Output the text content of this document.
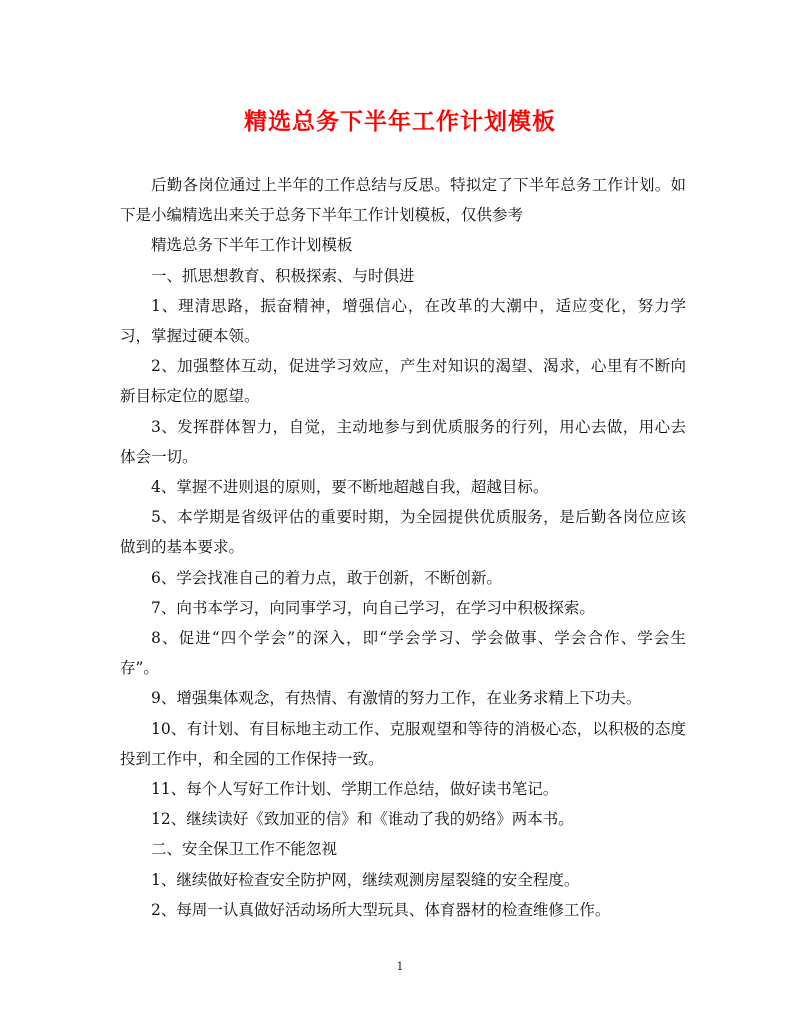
精选总务下半年工作计划模板

后勤各岗位通过上半年的工作总结与反思。特拟定了下半年总务工作计划。如下是小编精选出来关于总务下半年工作计划模板，仅供参考

精选总务下半年工作计划模板

一、抓思想教育、积极探索、与时俱进

1、理清思路，振奋精神，增强信心，在改革的大潮中，适应变化，努力学习，掌握过硬本领。

2、加强整体互动，促进学习效应，产生对知识的渴望、渴求，心里有不断向新目标定位的愿望。

3、发挥群体智力，自觉，主动地参与到优质服务的行列，用心去做，用心去体会一切。

4、掌握不进则退的原则，要不断地超越自我，超越目标。

5、本学期是省级评估的重要时期，为全园提供优质服务，是后勤各岗位应该做到的基本要求。

6、学会找准自己的着力点，敢于创新，不断创新。

7、向书本学习，向同事学习，向自己学习，在学习中积极探索。

8、促进“四个学会”的深入，即“学会学习、学会做事、学会合作、学会生存”。

9、增强集体观念，有热情、有激情的努力工作，在业务求精上下功夫。

10、有计划、有目标地主动工作、克服观望和等待的消极心态，以积极的态度投到工作中，和全园的工作保持一致。

11、每个人写好工作计划、学期工作总结，做好读书笔记。

12、继续读好《致加亚的信》和《谁动了我的奶络》两本书。

二、安全保卫工作不能忽视

1、继续做好检查安全防护网，继续观测房屋裂缝的安全程度。

2、每周一认真做好活动场所大型玩具、体育器材的检查维修工作。

1
